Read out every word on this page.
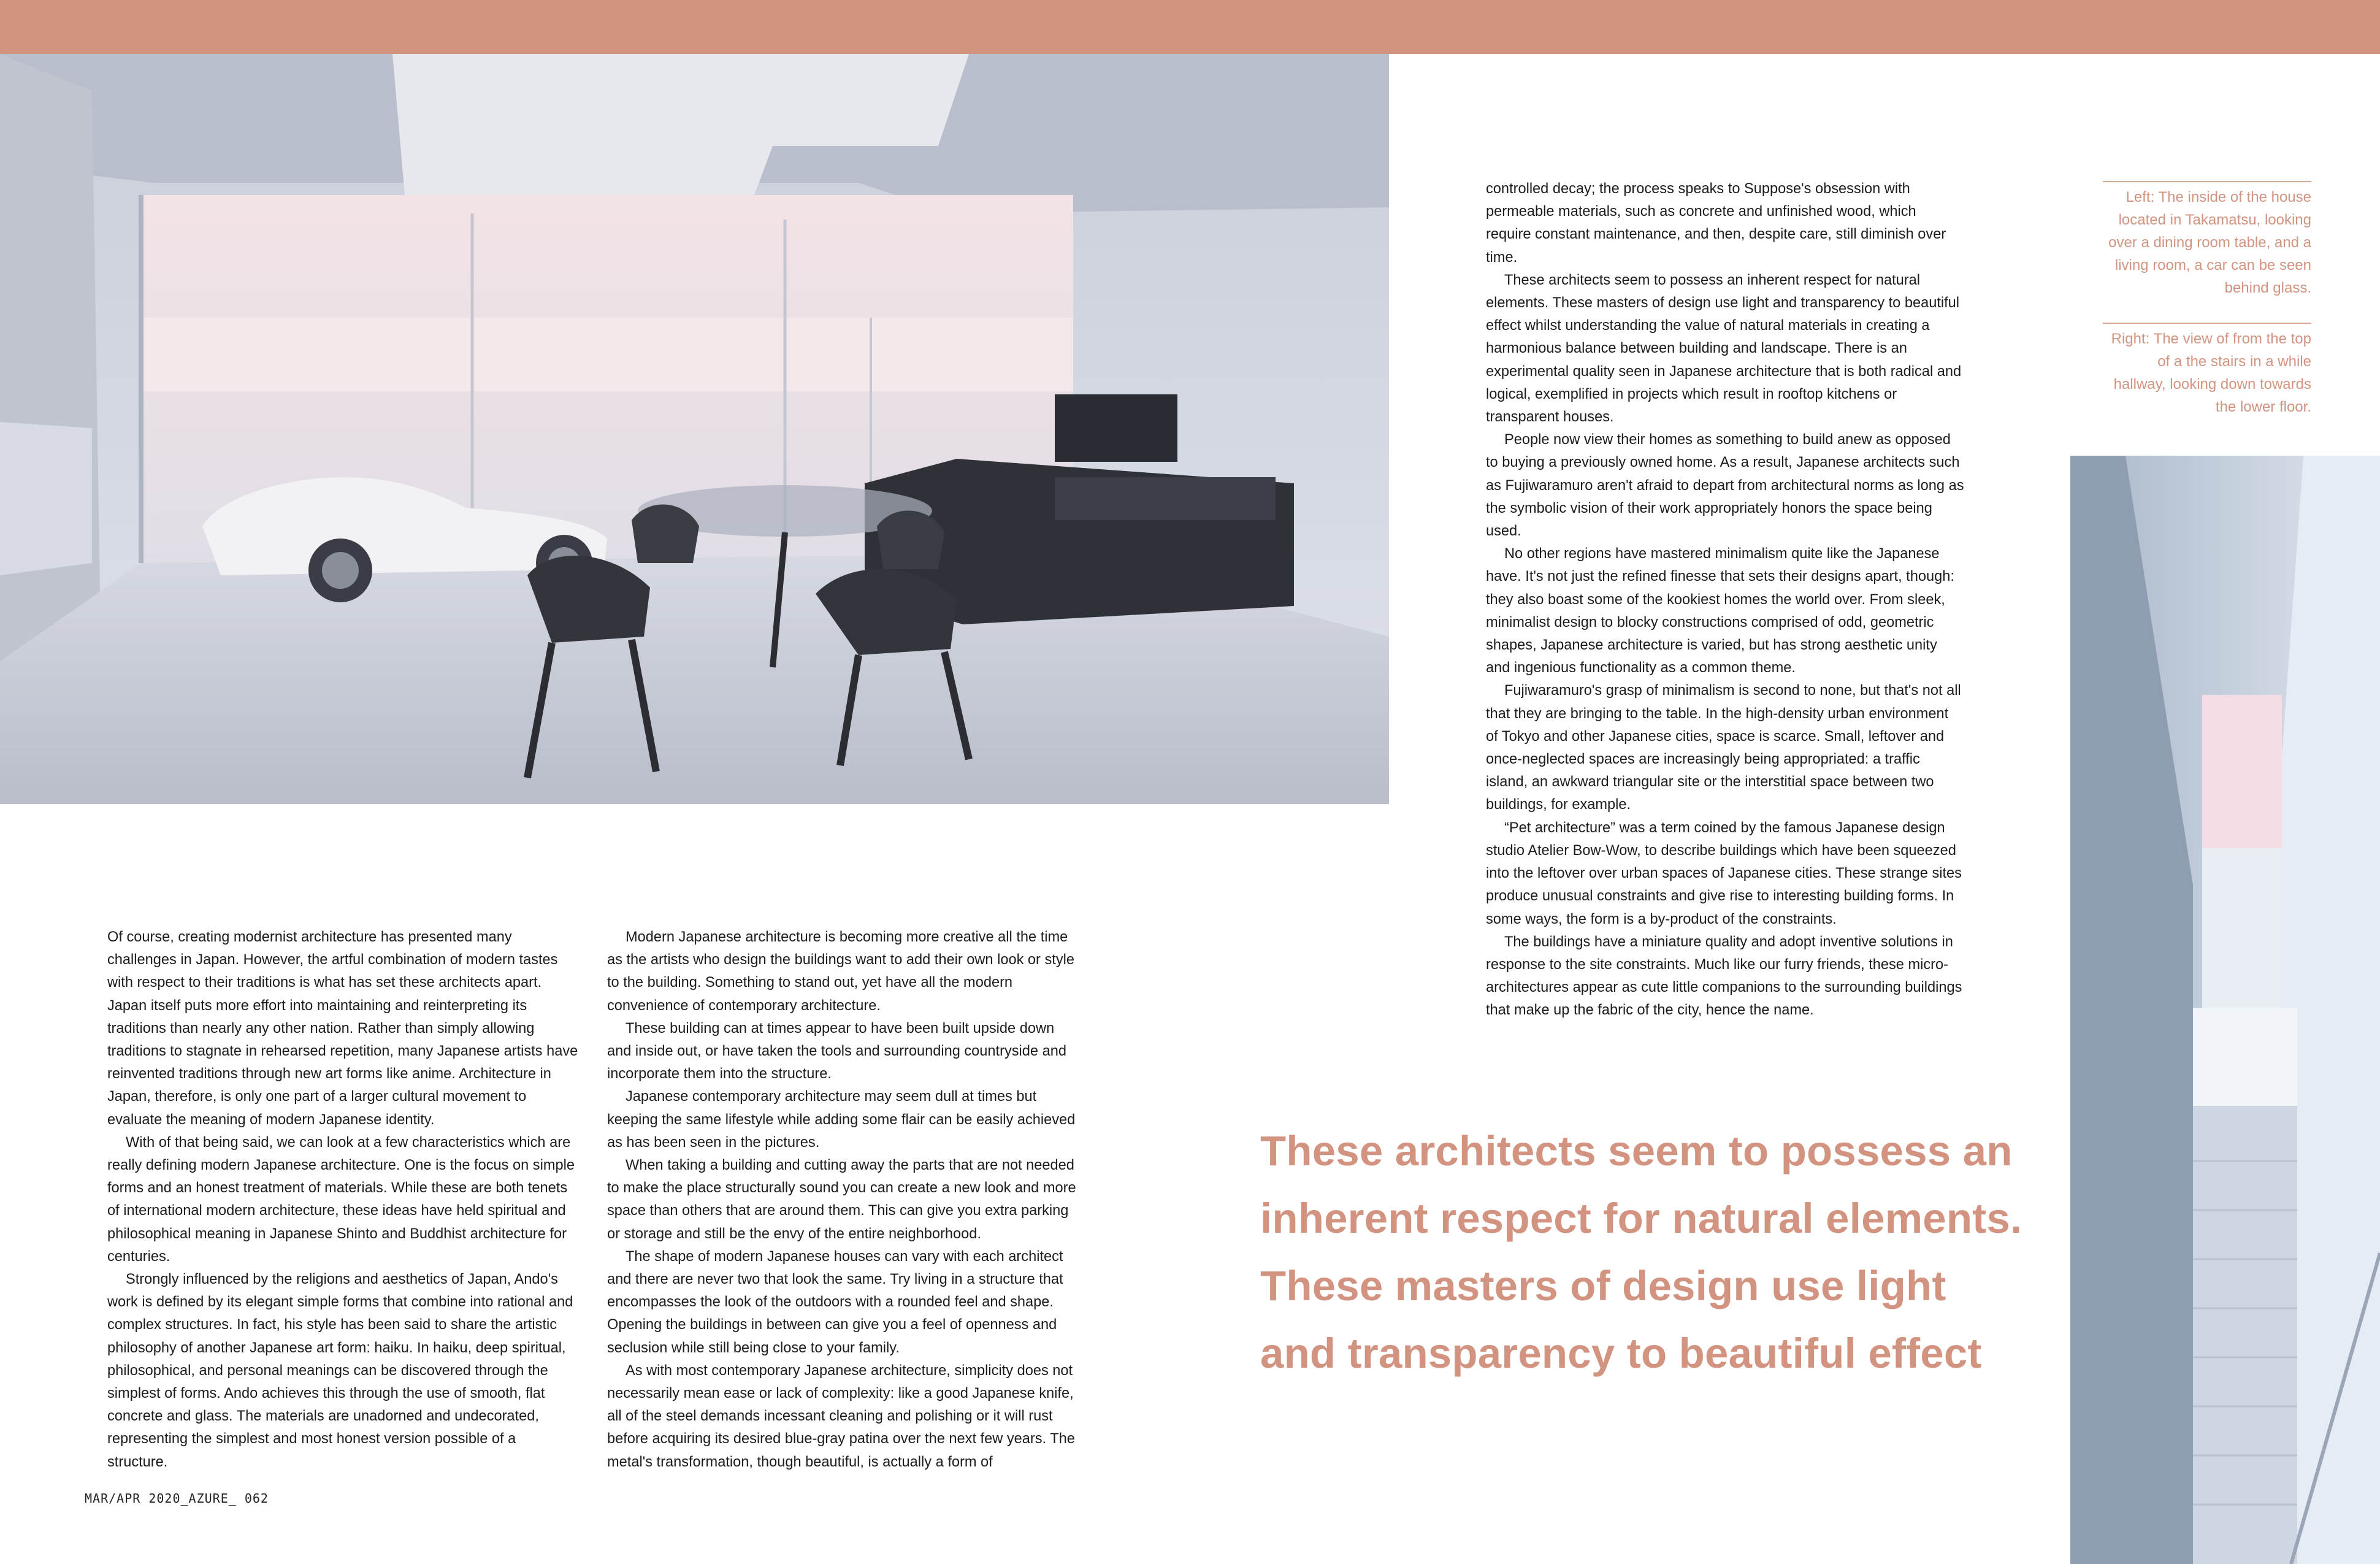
Left: The inside of the house located in Takamatsu, looking over a dining room table, and a living room, a car can be seen behind glass.
Right: The view of from the top of a the stairs in a while hallway, looking down towards the lower floor.

Of course, creating modernist architecture has presented many challenges in Japan. However, the artful combination of modern tastes with respect to their traditions is what has set these architects apart. Japan itself puts more effort into maintaining and reinterpreting its traditions than nearly any other nation. Rather than simply allowing traditions to stagnate in rehearsed repetition, many Japanese artists have reinvented traditions through new art forms like anime. Architecture in Japan, therefore, is only one part of a larger cultural movement to evaluate the meaning of modern Japanese identity.

With of that being said, we can look at a few characteristics which are really defining modern Japanese architecture. One is the focus on simple forms and an honest treatment of materials. While these are both tenets of international modern architecture, these ideas have held spiritual and philosophical meaning in Japanese Shinto and Buddhist architecture for centuries.

Strongly influenced by the religions and aesthetics of Japan, Ando's work is defined by its elegant simple forms that combine into rational and complex structures. In fact, his style has been said to share the artistic philosophy of another Japanese art form: haiku. In haiku, deep spiritual, philosophical, and personal meanings can be discovered through the simplest of forms. Ando achieves this through the use of smooth, flat concrete and glass. The materials are unadorned and undecorated, representing the simplest and most honest version possible of a structure.

Modern Japanese architecture is becoming more creative all the time as the artists who design the buildings want to add their own look or style to the building. Something to stand out, yet have all the modern convenience of contemporary architecture.

These building can at times appear to have been built upside down and inside out, or have taken the tools and surrounding countryside and incorporate them into the structure.

Japanese contemporary architecture may seem dull at times but keeping the same lifestyle while adding some flair can be easily achieved as has been seen in the pictures.

When taking a building and cutting away the parts that are not needed to make the place structurally sound you can create a new look and more space than others that are around them. This can give you extra parking or storage and still be the envy of the entire neighborhood.

The shape of modern Japanese houses can vary with each architect and there are never two that look the same. Try living in a structure that encompasses the look of the outdoors with a rounded feel and shape. Opening the buildings in between can give you a feel of openness and seclusion while still being close to your family.

As with most contemporary Japanese architecture, simplicity does not necessarily mean ease or lack of complexity: like a good Japanese knife, all of the steel demands incessant cleaning and polishing or it will rust before acquiring its desired blue-gray patina over the next few years. The metal's transformation, though beautiful, is actually a form of

controlled decay; the process speaks to Suppose's obsession with permeable materials, such as concrete and unfinished wood, which require constant maintenance, and then, despite care, still diminish over time.

These architects seem to possess an inherent respect for natural elements. These masters of design use light and transparency to beautiful effect whilst understanding the value of natural materials in creating a harmonious balance between building and landscape. There is an experimental quality seen in Japanese architecture that is both radical and logical, exemplified in projects which result in rooftop kitchens or transparent houses.

People now view their homes as something to build anew as opposed to buying a previously owned home. As a result, Japanese architects such as Fujiwaramuro aren't afraid to depart from architectural norms as long as the symbolic vision of their work appropriately honors the space being used.

No other regions have mastered minimalism quite like the Japanese have. It's not just the refined finesse that sets their designs apart, though: they also boast some of the kookiest homes the world over. From sleek, minimalist design to blocky constructions comprised of odd, geometric shapes, Japanese architecture is varied, but has strong aesthetic unity and ingenious functionality as a common theme.

Fujiwaramuro's grasp of minimalism is second to none, but that's not all that they are bringing to the table. In the high-density urban environment of Tokyo and other Japanese cities, space is scarce. Small, leftover and once-neglected spaces are increasingly being appropriated: a traffic island, an awkward triangular site or the interstitial space between two buildings, for example.

“Pet architecture” was a term coined by the famous Japanese design studio Atelier Bow-Wow, to describe buildings which have been squeezed into the leftover over urban spaces of Japanese cities. These strange sites produce unusual constraints and give rise to interesting building forms. In some ways, the form is a by-product of the constraints.

The buildings have a miniature quality and adopt inventive solutions in response to the site constraints. Much like our furry friends, these micro-architectures appear as cute little companions to the surrounding buildings that make up the fabric of the city, hence the name.

These architects seem to possess an inherent respect for natural elements. These masters of design use light and transparency to beautiful effect
MAR/APR 2020_AZURE_ 062
